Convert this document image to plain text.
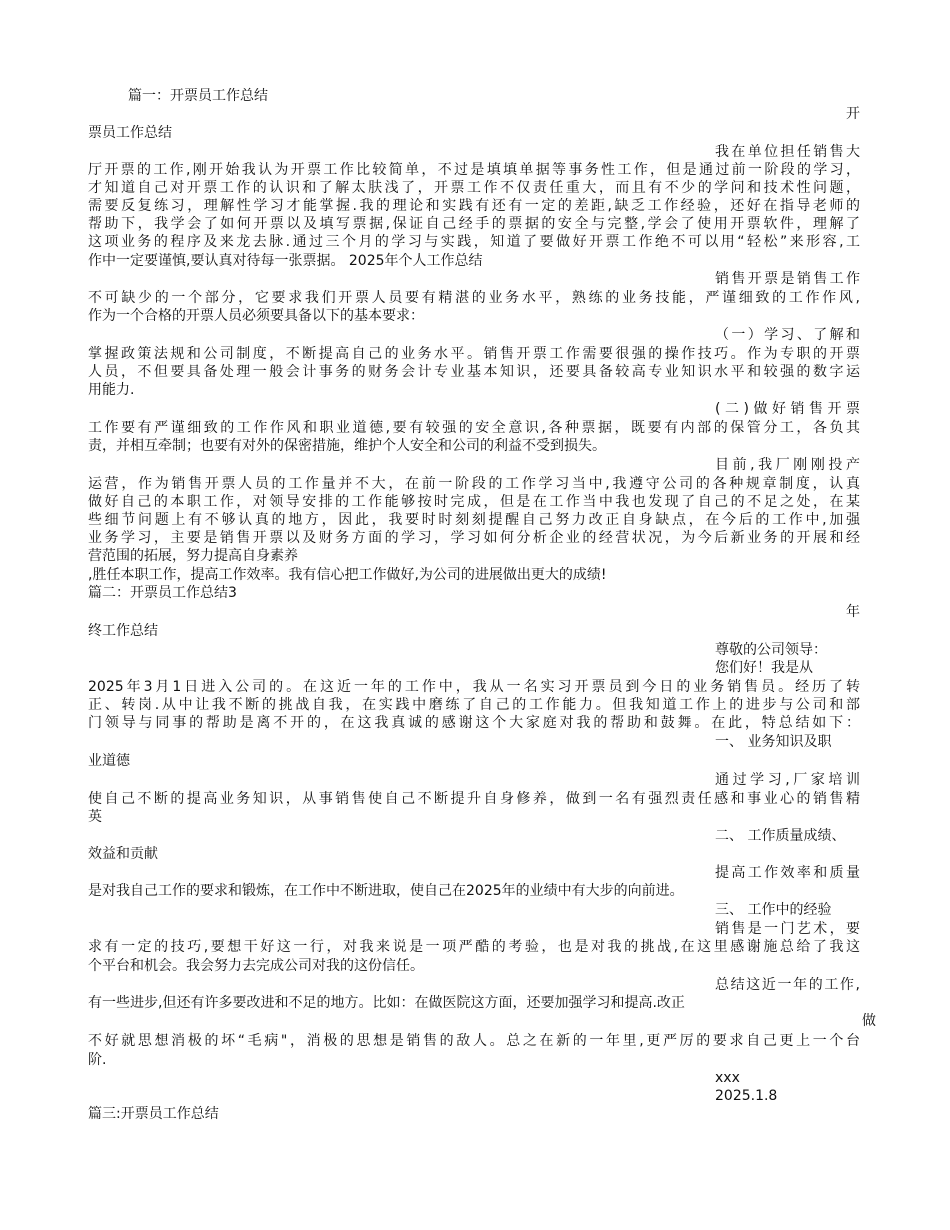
篇一：开票员工作总结
开
票员工作总结
我在单位担任销售大
厅开票的工作,刚开始我认为开票工作比较简单，不过是填填单据等事务性工作，但是通过前一阶段的学习，
才知道自己对开票工作的认识和了解太肤浅了，开票工作不仅责任重大，而且有不少的学问和技术性问题，
需要反复练习，理解性学习才能掌握.我的理论和实践有还有一定的差距,缺乏工作经验，还好在指导老师的
帮助下，我学会了如何开票以及填写票据,保证自己经手的票据的安全与完整,学会了使用开票软件，理解了
这项业务的程序及来龙去脉.通过三个月的学习与实践，知道了要做好开票工作绝不可以用“轻松”来形容,工
作中一定要谨慎,要认真对待每一张票据。 2025年个人工作总结
销售开票是销售工作
不可缺少的一个部分，它要求我们开票人员要有精湛的业务水平，熟练的业务技能，严谨细致的工作作风,
作为一个合格的开票人员必须要具备以下的基本要求：
（一）学习、了解和
掌握政策法规和公司制度，不断提高自己的业务水平。销售开票工作需要很强的操作技巧。作为专职的开票
人员，不但要具备处理一般会计事务的财务会计专业基本知识，还要具备较高专业知识水平和较强的数字运
用能力.
(二)做好销售开票
工作要有严谨细致的工作作风和职业道德,要有较强的安全意识,各种票据，既要有内部的保管分工，各负其
责，并相互牵制；也要有对外的保密措施，维护个人安全和公司的利益不受到损失。
目前,我厂刚刚投产
运营，作为销售开票人员的工作量并不大，在前一阶段的工作学习当中,我遵守公司的各种规章制度，认真
做好自己的本职工作，对领导安排的工作能够按时完成，但是在工作当中我也发现了自己的不足之处，在某
些细节问题上有不够认真的地方，因此，我要时时刻刻提醒自己努力改正自身缺点，在今后的工作中,加强
业务学习，主要是销售开票以及财务方面的学习，学习如何分析企业的经营状况，为今后新业务的开展和经
营范围的拓展，努力提高自身素养
,胜任本职工作，提高工作效率。我有信心把工作做好,为公司的进展做出更大的成绩!
篇二：开票员工作总结3
年
终工作总结
尊敬的公司领导：
您们好！我是从
2025年3月1日进入公司的。在这近一年的工作中，我从一名实习开票员到今日的业务销售员。经历了转
正、转岗.从中让我不断的挑战自我，在实践中磨练了自己的工作能力。但我知道工作上的进步与公司和部
门领导与同事的帮助是离不开的，在这我真诚的感谢这个大家庭对我的帮助和鼓舞。在此，特总结如下：
一、 业务知识及职
业道德
通过学习,厂家培训
使自己不断的提高业务知识，从事销售使自己不断提升自身修养，做到一名有强烈责任感和事业心的销售精
英
二、 工作质量成绩、
效益和贡献
提高工作效率和质量
是对我自己工作的要求和锻炼，在工作中不断进取，使自己在2025年的业绩中有大步的向前进。
三、 工作中的经验
销售是一门艺术，要
求有一定的技巧,要想干好这一行，对我来说是一项严酷的考验，也是对我的挑战,在这里感谢施总给了我这
个平台和机会。我会努力去完成公司对我的这份信任。
总结这近一年的工作,
有一些进步,但还有许多要改进和不足的地方。比如：在做医院这方面，还要加强学习和提高.改正
做
不好就思想消极的坏“毛病"，消极的思想是销售的敌人。总之在新的一年里,更严厉的要求自己更上一个台
阶.
xxx
2025.1.8
篇三:开票员工作总结
